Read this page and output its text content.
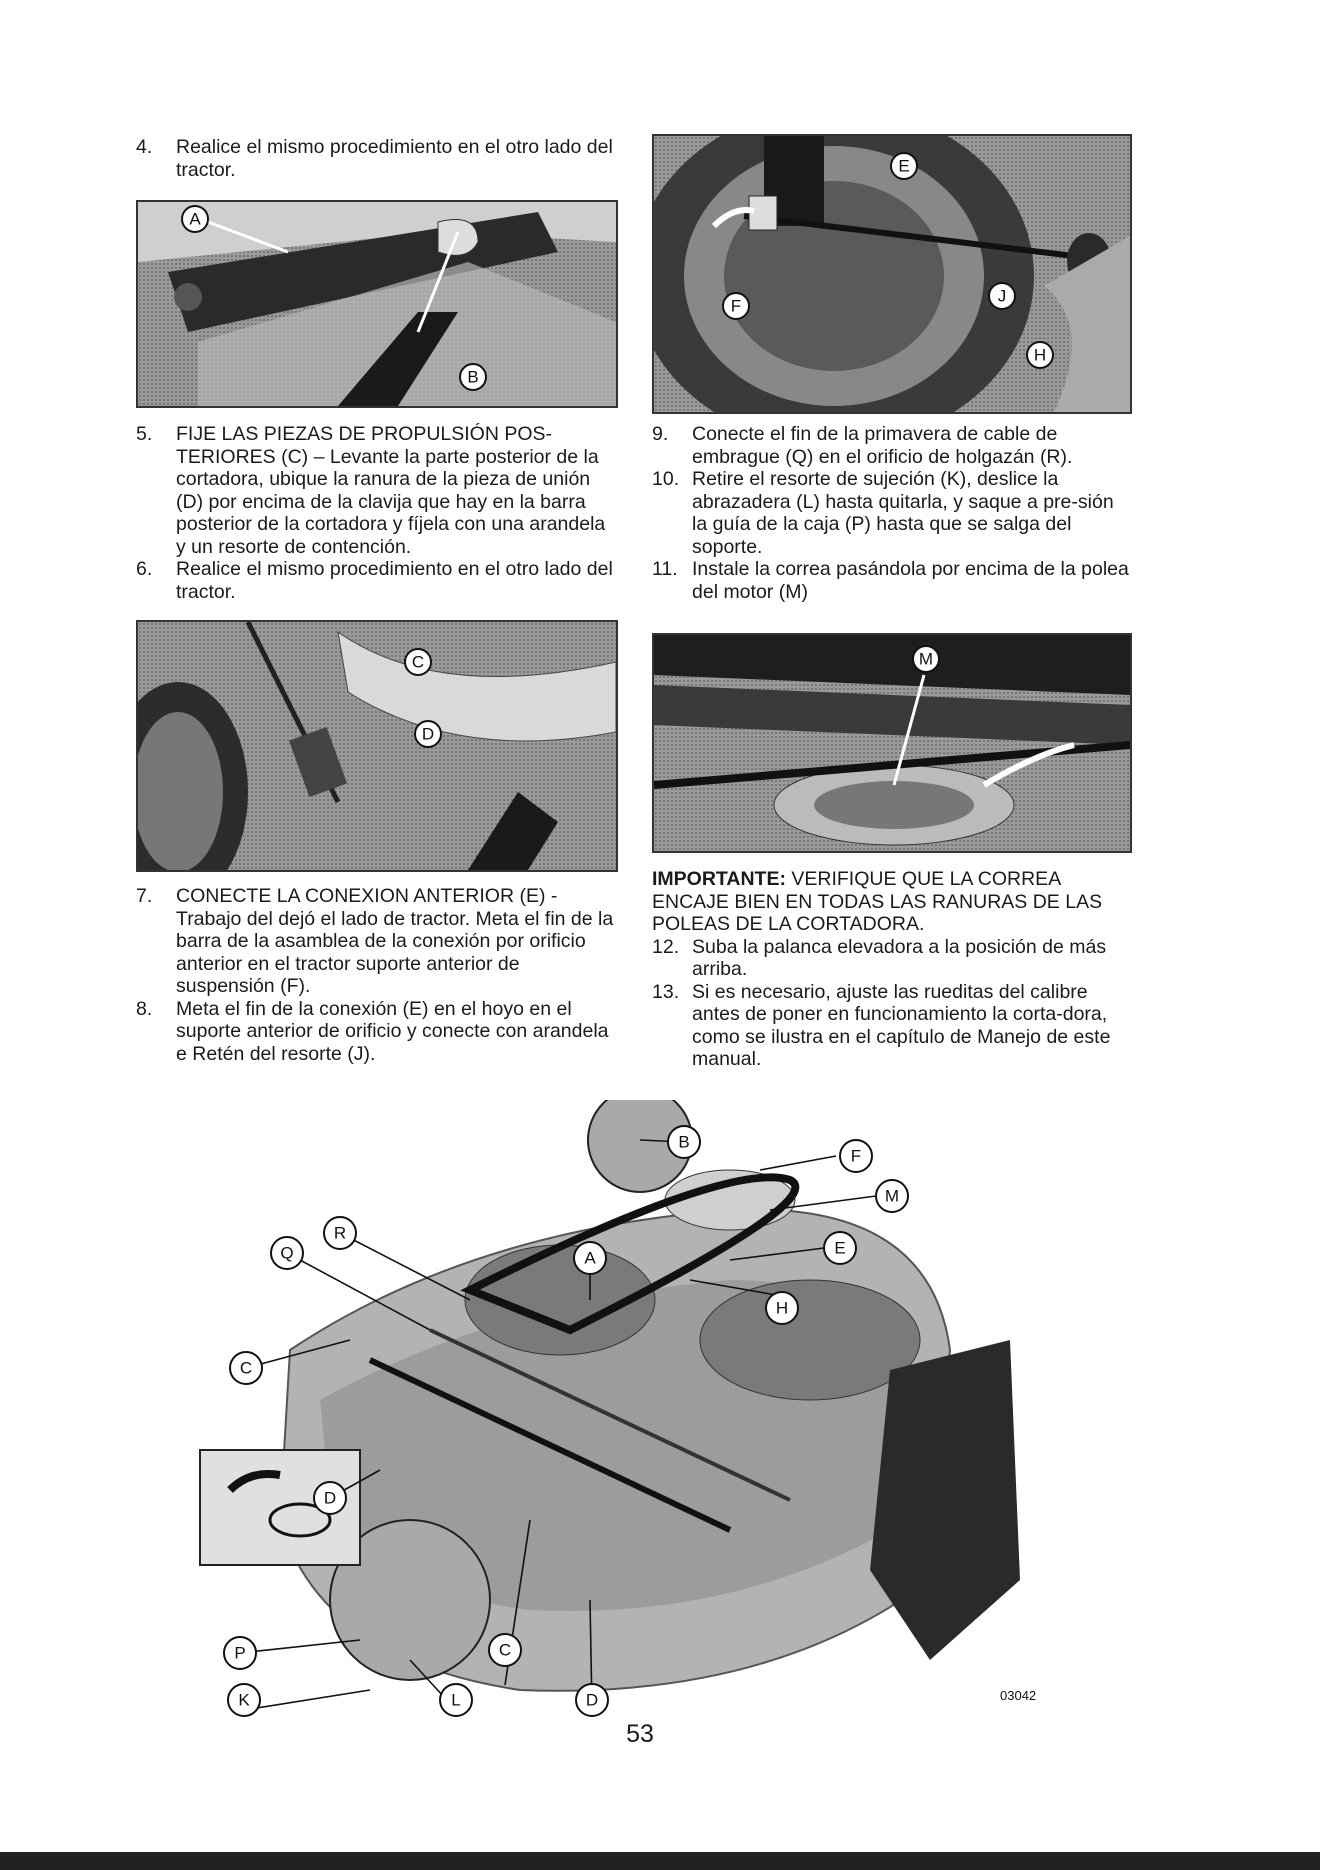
4.	Realice el mismo procedimiento en el otro lado del tractor.
A
B
5.	FIJE LAS PIEZAS DE PROPULSIÓN POS-TERIORES (C) – Levante la parte posterior de la cortadora, ubique la ranura de la pieza de unión (D) por encima de la clavija que hay en la barra posterior de la cortadora y fíjela con una arandela y un resorte de contención.
6.	Realice el mismo procedimiento en el otro lado del tractor.
C
D
7.	CONECTE LA CONEXION ANTERIOR (E) - Trabajo del dejó el lado de tractor. Meta el fin de la barra de la asamblea de la conexión por orificio anterior en el tractor suporte anterior de suspensión (F).
8.	Meta el fin de la conexión (E) en el hoyo en el suporte anterior de orificio y conecte con arandela e Retén del resorte (J).
E
F
J
H
9.	Conecte el fin de la primavera de cable de embrague (Q) en el orificio de holgazán (R).
10. Retire el resorte de sujeción (K), deslice la abrazadera (L) hasta quitarla, y saque a pre-sión la guía de la caja (P) hasta que se salga del soporte.
11. Instale la correa pasándola por encima de la polea del motor (M)
M

IMPORTANTE: VERIFIQUE QUE LA CORREA ENCAJE BIEN EN TODAS LAS RANURAS DE LAS POLEAS DE LA CORTADORA.

12. Suba la palanca elevadora a la posición de más arriba.
13. Si es necesario, ajuste las rueditas del calibre antes de poner en funcionamiento la corta-dora, como se ilustra en el capítulo de Manejo de este manual.
B
F
M
E
H
R
Q	A
C
D
P
K	L
C
D	03042
53
